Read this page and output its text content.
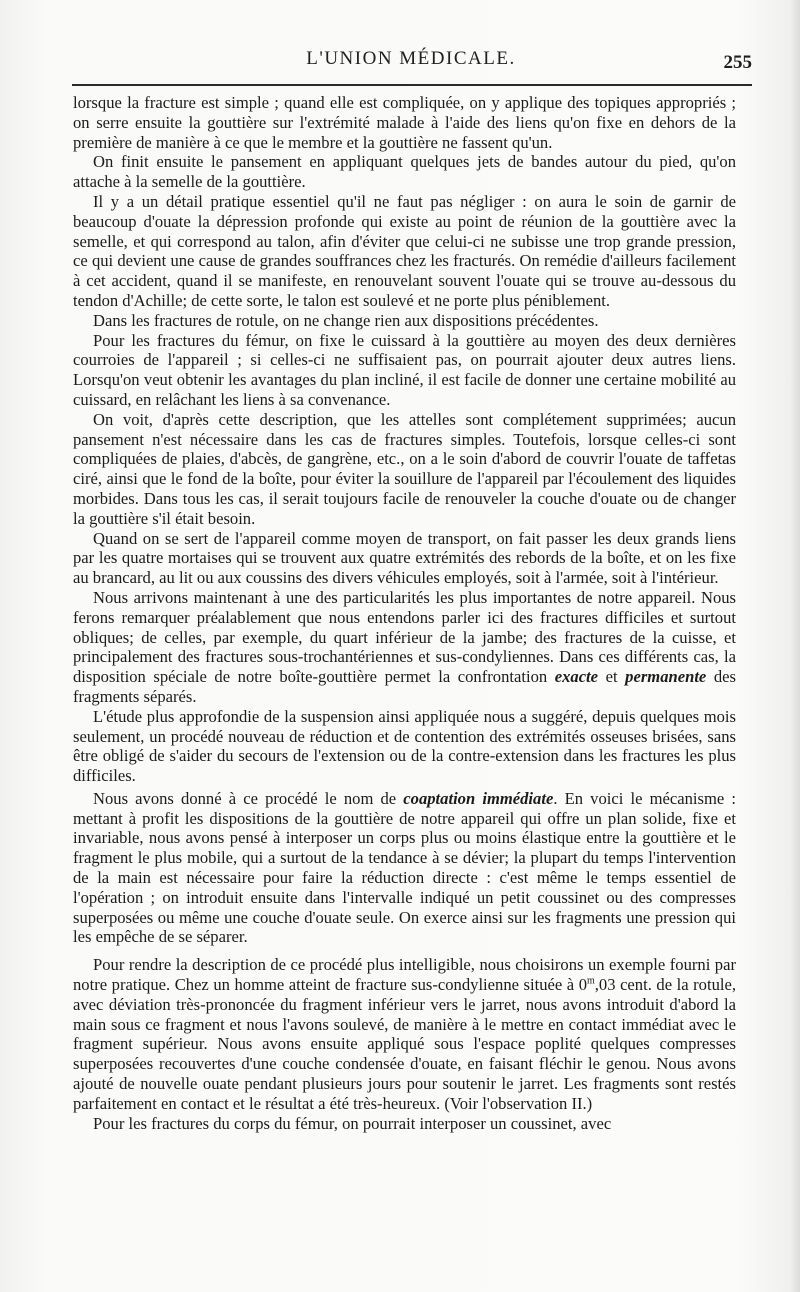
L'UNION MÉDICALE.	255

lorsque la fracture est simple ; quand elle est compliquée, on y applique des topiques appropriés ; on serre ensuite la gouttière sur l'extrémité malade à l'aide des liens qu'on fixe en dehors de la première de manière à ce que le membre et la gouttière ne fassent qu'un.

On finit ensuite le pansement en appliquant quelques jets de bandes autour du pied, qu'on attache à la semelle de la gouttière.

Il y a un détail pratique essentiel qu'il ne faut pas négliger : on aura le soin de garnir de beaucoup d'ouate la dépression profonde qui existe au point de réunion de la gouttière avec la semelle, et qui correspond au talon, afin d'éviter que celui-ci ne subisse une trop grande pression, ce qui devient une cause de grandes souffrances chez les fracturés. On remédie d'ailleurs facilement à cet accident, quand il se manifeste, en renouvelant souvent l'ouate qui se trouve au-dessous du tendon d'Achille; de cette sorte, le talon est soulevé et ne porte plus péniblement.

Dans les fractures de rotule, on ne change rien aux dispositions précédentes.

Pour les fractures du fémur, on fixe le cuissard à la gouttière au moyen des deux dernières courroies de l'appareil ; si celles-ci ne suffisaient pas, on pourrait ajouter deux autres liens. Lorsqu'on veut obtenir les avantages du plan incliné, il est facile de donner une certaine mobilité au cuissard, en relâchant les liens à sa convenance.

On voit, d'après cette description, que les attelles sont complétement supprimées; aucun pansement n'est nécessaire dans les cas de fractures simples. Toutefois, lorsque celles-ci sont compliquées de plaies, d'abcès, de gangrène, etc., on a le soin d'abord de couvrir l'ouate de taffetas ciré, ainsi que le fond de la boîte, pour éviter la souillure de l'appareil par l'écoulement des liquides morbides. Dans tous les cas, il serait toujours facile de renouveler la couche d'ouate ou de changer la gouttière s'il était besoin.

Quand on se sert de l'appareil comme moyen de transport, on fait passer les deux grands liens par les quatre mortaises qui se trouvent aux quatre extrémités des rebords de la boîte, et on les fixe au brancard, au lit ou aux coussins des divers véhicules employés, soit à l'armée, soit à l'intérieur.

Nous arrivons maintenant à une des particularités les plus importantes de notre appareil. Nous ferons remarquer préalablement que nous entendons parler ici des fractures difficiles et surtout obliques; de celles, par exemple, du quart inférieur de la jambe; des fractures de la cuisse, et principalement des fractures sous-trochantériennes et sus-condyliennes. Dans ces différents cas, la disposition spéciale de notre boîte-gouttière permet la confrontation exacte et permanente des fragments séparés.

L'étude plus approfondie de la suspension ainsi appliquée nous a suggéré, depuis quelques mois seulement, un procédé nouveau de réduction et de contention des extrémités osseuses brisées, sans être obligé de s'aider du secours de l'extension ou de la contre-extension dans les fractures les plus difficiles.

Nous avons donné à ce procédé le nom de coaptation immédiate. En voici le mécanisme : mettant à profit les dispositions de la gouttière de notre appareil qui offre un plan solide, fixe et invariable, nous avons pensé à interposer un corps plus ou moins élastique entre la gouttière et le fragment le plus mobile, qui a surtout de la tendance à se dévier; la plupart du temps l'intervention de la main est nécessaire pour faire la réduction directe : c'est même le temps essentiel de l'opération ; on introduit ensuite dans l'intervalle indiqué un petit coussinet ou des compresses superposées ou même une couche d'ouate seule. On exerce ainsi sur les fragments une pression qui les empêche de se séparer.

Pour rendre la description de ce procédé plus intelligible, nous choisirons un exemple fourni par notre pratique. Chez un homme atteint de fracture sus-condylienne située à 0$^m$,03 cent. de la rotule, avec déviation très-prononcée du fragment inférieur vers le jarret, nous avons introduit d'abord la main sous ce fragment et nous l'avons soulevé, de manière à le mettre en contact immédiat avec le fragment supérieur. Nous avons ensuite appliqué sous l'espace poplité quelques compresses superposées recouvertes d'une couche condensée d'ouate, en faisant fléchir le genou. Nous avons ajouté de nouvelle ouate pendant plusieurs jours pour soutenir le jarret. Les fragments sont restés parfaitement en contact et le résultat a été très-heureux. (Voir l'observation II.)

Pour les fractures du corps du fémur, on pourrait interposer un coussinet, avec
